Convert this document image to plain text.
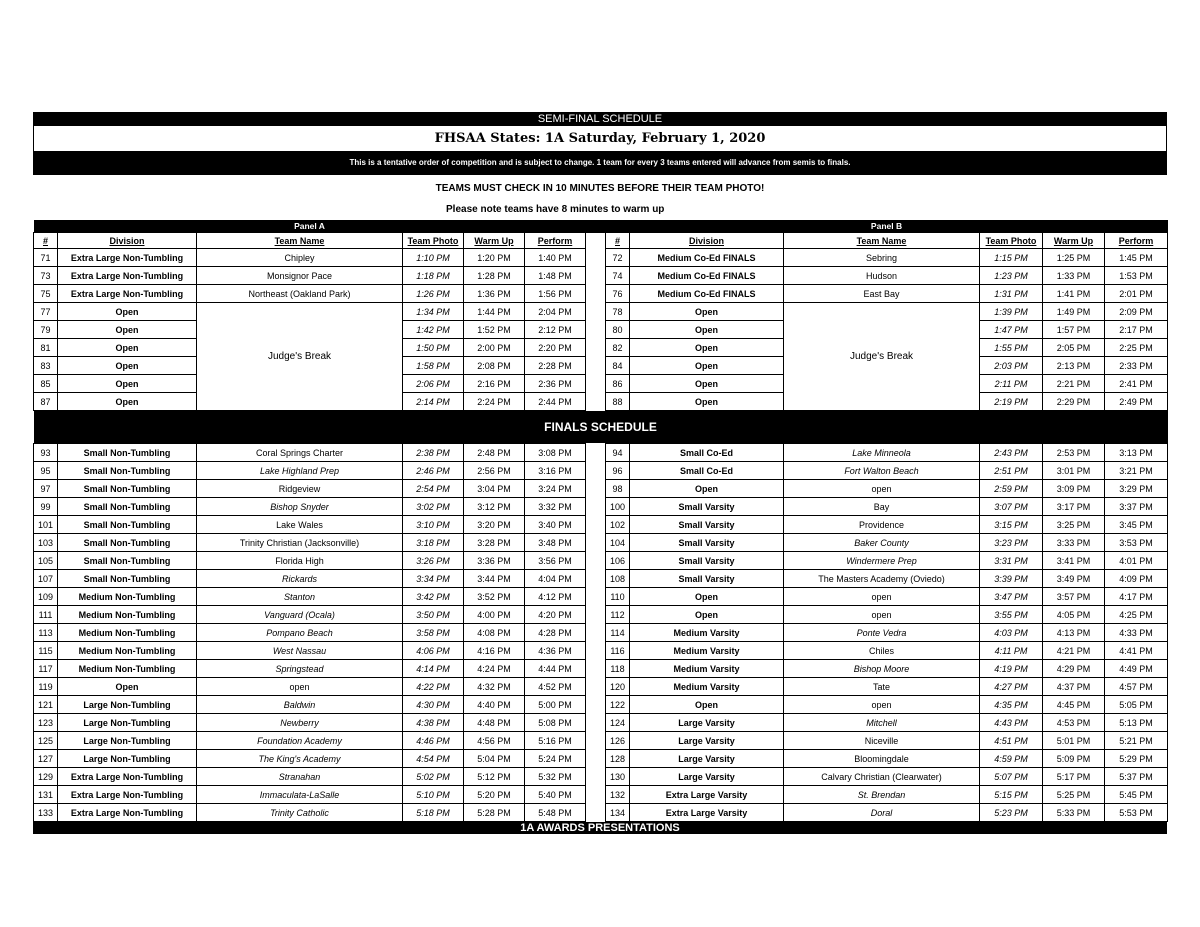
SEMI-FINAL SCHEDULE
FHSAA States: 1A Saturday, February 1, 2020
This is a tentative order of competition and is subject to change. 1 team for every 3 teams entered will advance from semis to finals.
TEAMS MUST CHECK IN 10 MINUTES BEFORE THEIR TEAM PHOTO!
Please note teams have 8 minutes to warm up
Panel A							Panel B					
#	Division	Team Name	Team Photo	Warm Up	Perform		#	Division	Team Name	Team Photo	Warm Up	Perform
71	Extra Large Non-Tumbling	Chipley	1:10 PM	1:20 PM	1:40 PM		72	Medium Co-Ed FINALS	Sebring	1:15 PM	1:25 PM	1:45 PM
73	Extra Large Non-Tumbling	Monsignor Pace	1:18 PM	1:28 PM	1:48 PM		74	Medium Co-Ed FINALS	Hudson	1:23 PM	1:33 PM	1:53 PM
75	Extra Large Non-Tumbling	Northeast (Oakland Park)	1:26 PM	1:36 PM	1:56 PM		76	Medium Co-Ed FINALS	East Bay	1:31 PM	1:41 PM	2:01 PM
77	Open	Judge's Break	1:34 PM	1:44 PM	2:04 PM		78	Open	Judge's Break	1:39 PM	1:49 PM	2:09 PM
79	Open		1:42 PM	1:52 PM	2:12 PM		80	Open		1:47 PM	1:57 PM	2:17 PM
81	Open		1:50 PM	2:00 PM	2:20 PM		82	Open		1:55 PM	2:05 PM	2:25 PM
83	Open		1:58 PM	2:08 PM	2:28 PM		84	Open		2:03 PM	2:13 PM	2:33 PM
85	Open		2:06 PM	2:16 PM	2:36 PM		86	Open		2:11 PM	2:21 PM	2:41 PM
87	Open		2:14 PM	2:24 PM	2:44 PM		88	Open		2:19 PM	2:29 PM	2:49 PM
FINALS SCHEDULE												
93	Small Non-Tumbling	Coral Springs Charter	2:38 PM	2:48 PM	3:08 PM		94	Small Co-Ed	Lake Minneola	2:43 PM	2:53 PM	3:13 PM
95	Small Non-Tumbling	Lake Highland Prep	2:46 PM	2:56 PM	3:16 PM		96	Small Co-Ed	Fort Walton Beach	2:51 PM	3:01 PM	3:21 PM
97	Small Non-Tumbling	Ridgeview	2:54 PM	3:04 PM	3:24 PM		98	Open	open	2:59 PM	3:09 PM	3:29 PM
99	Small Non-Tumbling	Bishop Snyder	3:02 PM	3:12 PM	3:32 PM		100	Small Varsity	Bay	3:07 PM	3:17 PM	3:37 PM
101	Small Non-Tumbling	Lake Wales	3:10 PM	3:20 PM	3:40 PM		102	Small Varsity	Providence	3:15 PM	3:25 PM	3:45 PM
103	Small Non-Tumbling	Trinity Christian (Jacksonville)	3:18 PM	3:28 PM	3:48 PM		104	Small Varsity	Baker County	3:23 PM	3:33 PM	3:53 PM
105	Small Non-Tumbling	Florida High	3:26 PM	3:36 PM	3:56 PM		106	Small Varsity	Windermere Prep	3:31 PM	3:41 PM	4:01 PM
107	Small Non-Tumbling	Rickards	3:34 PM	3:44 PM	4:04 PM		108	Small Varsity	The Masters Academy (Oviedo)	3:39 PM	3:49 PM	4:09 PM
109	Medium Non-Tumbling	Stanton	3:42 PM	3:52 PM	4:12 PM		110	Open	open	3:47 PM	3:57 PM	4:17 PM
111	Medium Non-Tumbling	Vanguard (Ocala)	3:50 PM	4:00 PM	4:20 PM		112	Open	open	3:55 PM	4:05 PM	4:25 PM
113	Medium Non-Tumbling	Pompano Beach	3:58 PM	4:08 PM	4:28 PM		114	Medium Varsity	Ponte Vedra	4:03 PM	4:13 PM	4:33 PM
115	Medium Non-Tumbling	West Nassau	4:06 PM	4:16 PM	4:36 PM		116	Medium Varsity	Chiles	4:11 PM	4:21 PM	4:41 PM
117	Medium Non-Tumbling	Springstead	4:14 PM	4:24 PM	4:44 PM		118	Medium Varsity	Bishop Moore	4:19 PM	4:29 PM	4:49 PM
119	Open	open	4:22 PM	4:32 PM	4:52 PM		120	Medium Varsity	Tate	4:27 PM	4:37 PM	4:57 PM
121	Large Non-Tumbling	Baldwin	4:30 PM	4:40 PM	5:00 PM		122	Open	open	4:35 PM	4:45 PM	5:05 PM
123	Large Non-Tumbling	Newberry	4:38 PM	4:48 PM	5:08 PM		124	Large Varsity	Mitchell	4:43 PM	4:53 PM	5:13 PM
125	Large Non-Tumbling	Foundation Academy	4:46 PM	4:56 PM	5:16 PM		126	Large Varsity	Niceville	4:51 PM	5:01 PM	5:21 PM
127	Large Non-Tumbling	The King's Academy	4:54 PM	5:04 PM	5:24 PM		128	Large Varsity	Bloomingdale	4:59 PM	5:09 PM	5:29 PM
129	Extra Large Non-Tumbling	Stranahan	5:02 PM	5:12 PM	5:32 PM		130	Large Varsity	Calvary Christian (Clearwater)	5:07 PM	5:17 PM	5:37 PM
131	Extra Large Non-Tumbling	Immaculata-LaSalle	5:10 PM	5:20 PM	5:40 PM		132	Extra Large Varsity	St. Brendan	5:15 PM	5:25 PM	5:45 PM
133	Extra Large Non-Tumbling	Trinity Catholic	5:18 PM	5:28 PM	5:48 PM		134	Extra Large Varsity	Doral	5:23 PM	5:33 PM	5:53 PM
1A AWARDS PRESENTATIONS
